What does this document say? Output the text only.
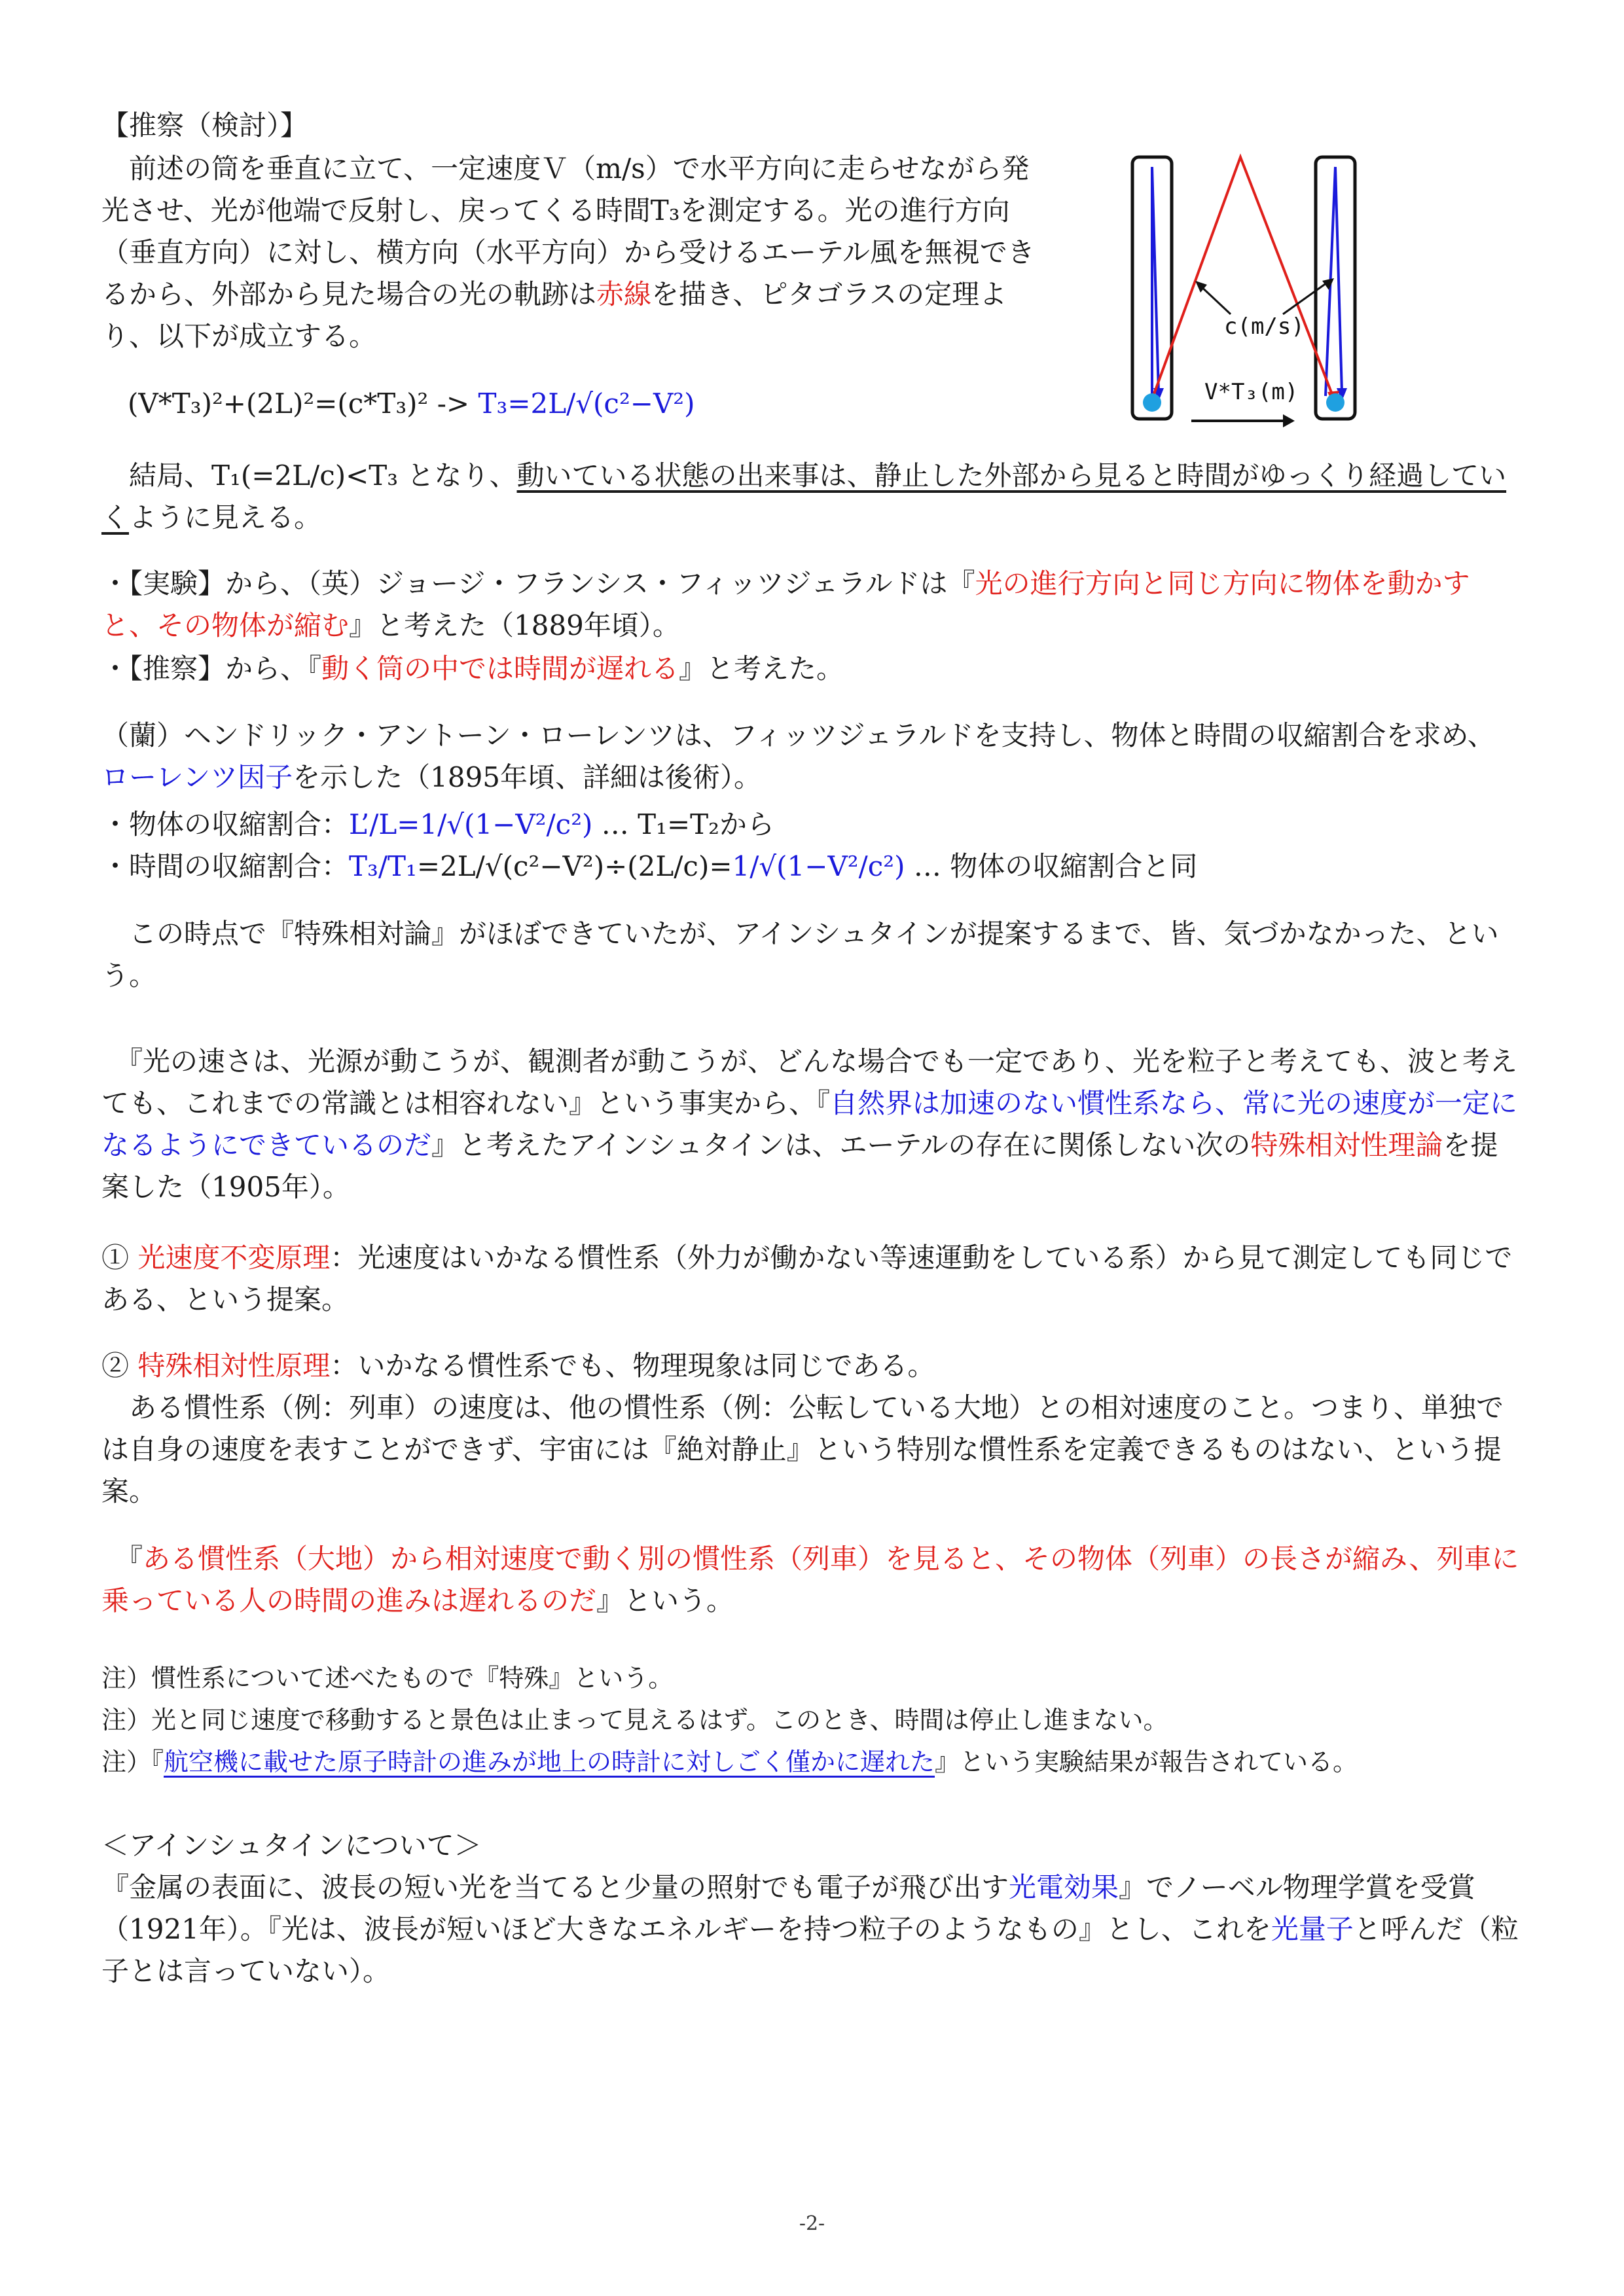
【推察（検討）】
　前述の筒を垂直に立て、一定速度Ｖ（m/s）で水平方向に走らせながら発光させ、光が他端で反射し、戻ってくる時間T₃を測定する。光の進行方向（垂直方向）に対し、横方向（水平方向）から受けるエーテル風を無視できるから、外部から見た場合の光の軌跡は赤線を描き、ピタゴラスの定理より、以下が成立する。
(V*T₃)²+(2L)²=(c*T₃)² -> T₃=2L/√(c²−V²)
c(m/s)
V*T₃(m)
　結局、T₁(=2L/c)<T₃ となり、動いている状態の出来事は、静止した外部から見ると時間がゆっくり経過していくように見える。
・【実験】から、（英）ジョージ・フランシス・フィッツジェラルドは『光の進行方向と同じ方向に物体を動かすと、その物体が縮む』と考えた（1889年頃）。
・【推察】から、『動く筒の中では時間が遅れる』と考えた。
（蘭）ヘンドリック・アントーン・ローレンツは、フィッツジェラルドを支持し、物体と時間の収縮割合を求め、ローレンツ因子を示した（1895年頃、詳細は後術）。
・物体の収縮割合：L’/L=1/√(1−V²/c²) … T₁=T₂から
・時間の収縮割合：T₃/T₁=2L/√(c²−V²)÷(2L/c)=1/√(1−V²/c²) … 物体の収縮割合と同
　この時点で『特殊相対論』がほぼできていたが、アインシュタインが提案するまで、皆、気づかなかった、という。
　『光の速さは、光源が動こうが、観測者が動こうが、どんな場合でも一定であり、光を粒子と考えても、波と考えても、これまでの常識とは相容れない』という事実から、『自然界は加速のない慣性系なら、常に光の速度が一定になるようにできているのだ』と考えたアインシュタインは、エーテルの存在に関係しない次の特殊相対性理論を提案した（1905年）。
① 光速度不変原理：光速度はいかなる慣性系（外力が働かない等速運動をしている系）から見て測定しても同じである、という提案。
② 特殊相対性原理：いかなる慣性系でも、物理現象は同じである。
　ある慣性系（例：列車）の速度は、他の慣性系（例：公転している大地）との相対速度のこと。つまり、単独では自身の速度を表すことができず、宇宙には『絶対静止』という特別な慣性系を定義できるものはない、という提案。
　『ある慣性系（大地）から相対速度で動く別の慣性系（列車）を見ると、その物体（列車）の長さが縮み、列車に乗っている人の時間の進みは遅れるのだ』という。
注）慣性系について述べたもので『特殊』という。
注）光と同じ速度で移動すると景色は止まって見えるはず。このとき、時間は停止し進まない。
注）『航空機に載せた原子時計の進みが地上の時計に対しごく僅かに遅れた』という実験結果が報告されている。
＜アインシュタインについて＞
『金属の表面に、波長の短い光を当てると少量の照射でも電子が飛び出す光電効果』でノーベル物理学賞を受賞（1921年）。『光は、波長が短いほど大きなエネルギーを持つ粒子のようなもの』とし、これを光量子と呼んだ（粒子とは言っていない）。
-2-
